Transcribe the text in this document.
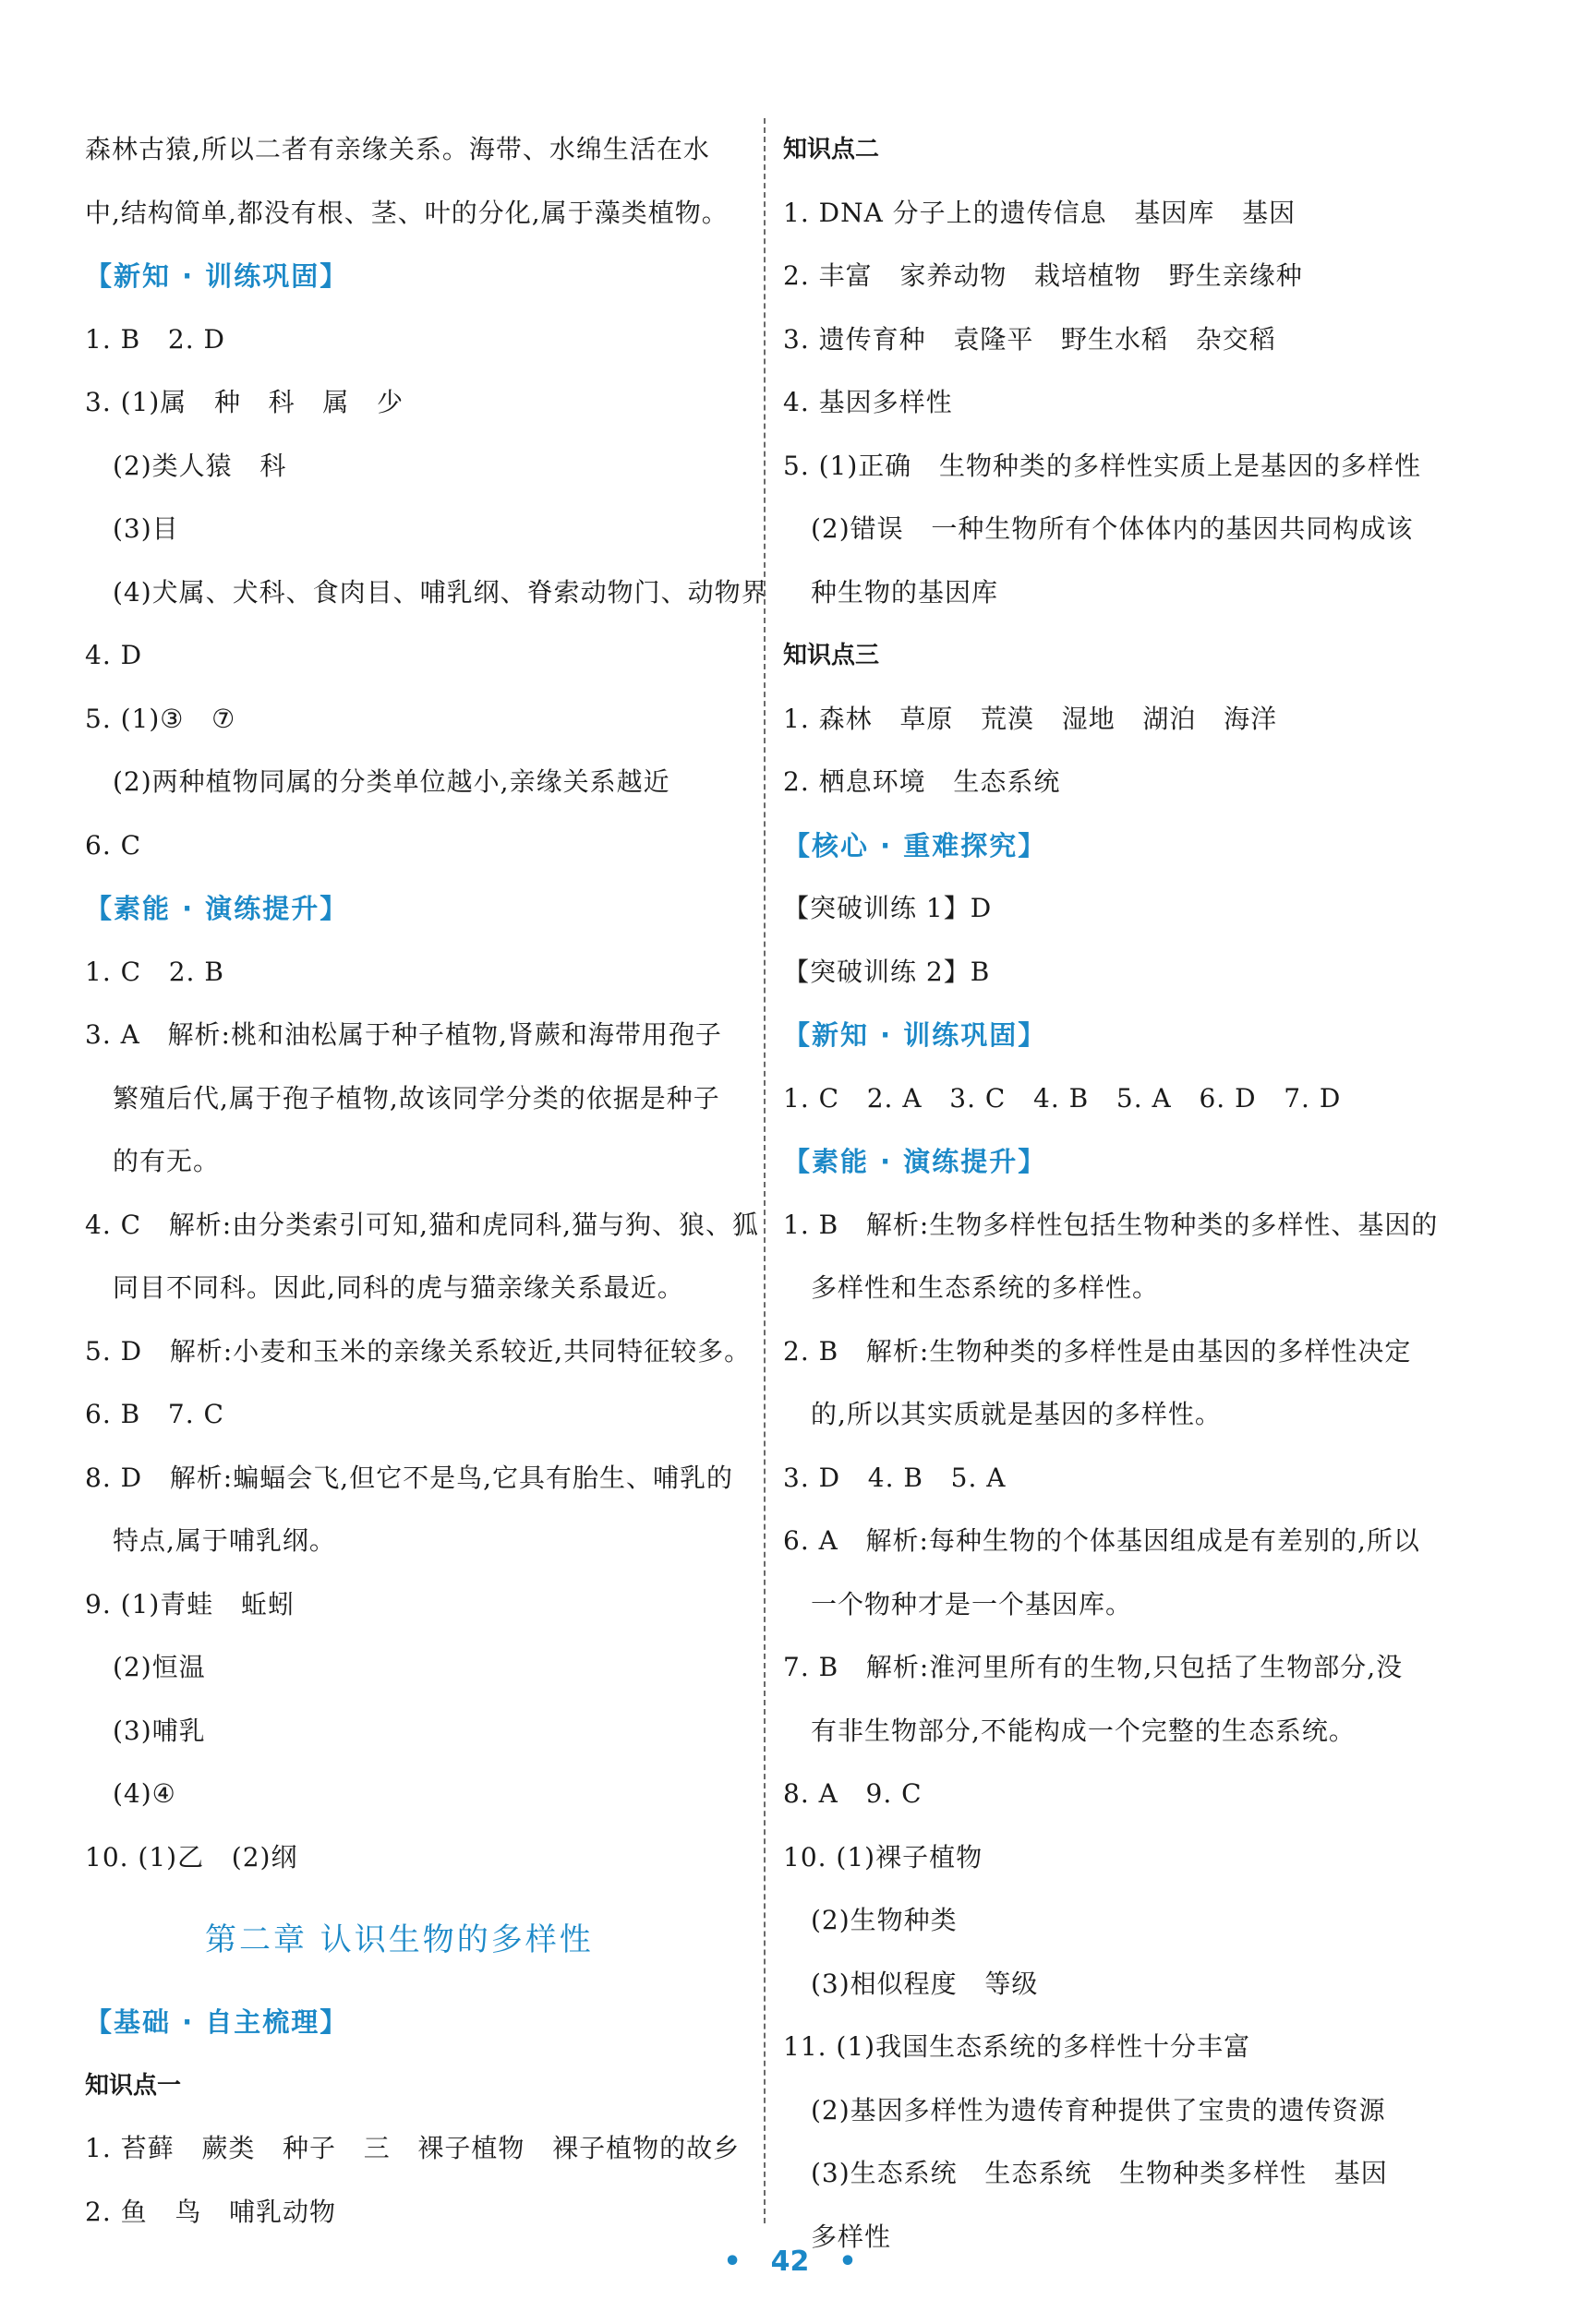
森林古猿,所以二者有亲缘关系。海带、水绵生活在水
中,结构简单,都没有根、茎、叶的分化,属于藻类植物。
【新知 · 训练巩固】
1. B   2. D
3. (1)属   种   科   属   少
(2)类人猿   科
(3)目
(4)犬属、犬科、食肉目、哺乳纲、脊索动物门、动物界
4. D
5. (1)③   ⑦
(2)两种植物同属的分类单位越小,亲缘关系越近
6. C
【素能 · 演练提升】
1. C   2. B
3. A   解析:桃和油松属于种子植物,肾蕨和海带用孢子
繁殖后代,属于孢子植物,故该同学分类的依据是种子
的有无。
4. C   解析:由分类索引可知,猫和虎同科,猫与狗、狼、狐
同目不同科。因此,同科的虎与猫亲缘关系最近。
5. D   解析:小麦和玉米的亲缘关系较近,共同特征较多。
6. B   7. C
8. D   解析:蝙蝠会飞,但它不是鸟,它具有胎生、哺乳的
特点,属于哺乳纲。
9. (1)青蛙   蚯蚓
(2)恒温
(3)哺乳
(4)④
10. (1)乙   (2)纲
第二章 认识生物的多样性
【基础 · 自主梳理】
知识点一
1. 苔藓   蕨类   种子   三   裸子植物   裸子植物的故乡
2. 鱼   鸟   哺乳动物
知识点二
1. DNA 分子上的遗传信息   基因库   基因
2. 丰富   家养动物   栽培植物   野生亲缘种
3. 遗传育种   袁隆平   野生水稻   杂交稻
4. 基因多样性
5. (1)正确   生物种类的多样性实质上是基因的多样性
(2)错误   一种生物所有个体体内的基因共同构成该
种生物的基因库
知识点三
1. 森林   草原   荒漠   湿地   湖泊   海洋
2. 栖息环境   生态系统
【核心 · 重难探究】
【突破训练 1】D
【突破训练 2】B
【新知 · 训练巩固】
1. C   2. A   3. C   4. B   5. A   6. D   7. D
【素能 · 演练提升】
1. B   解析:生物多样性包括生物种类的多样性、基因的
多样性和生态系统的多样性。
2. B   解析:生物种类的多样性是由基因的多样性决定
的,所以其实质就是基因的多样性。
3. D   4. B   5. A
6. A   解析:每种生物的个体基因组成是有差别的,所以
一个物种才是一个基因库。
7. B   解析:淮河里所有的生物,只包括了生物部分,没
有非生物部分,不能构成一个完整的生态系统。
8. A   9. C
10. (1)裸子植物
(2)生物种类
(3)相似程度   等级
11. (1)我国生态系统的多样性十分丰富
(2)基因多样性为遗传育种提供了宝贵的遗传资源
(3)生态系统   生态系统   生物种类多样性   基因
多样性
• 42 •
